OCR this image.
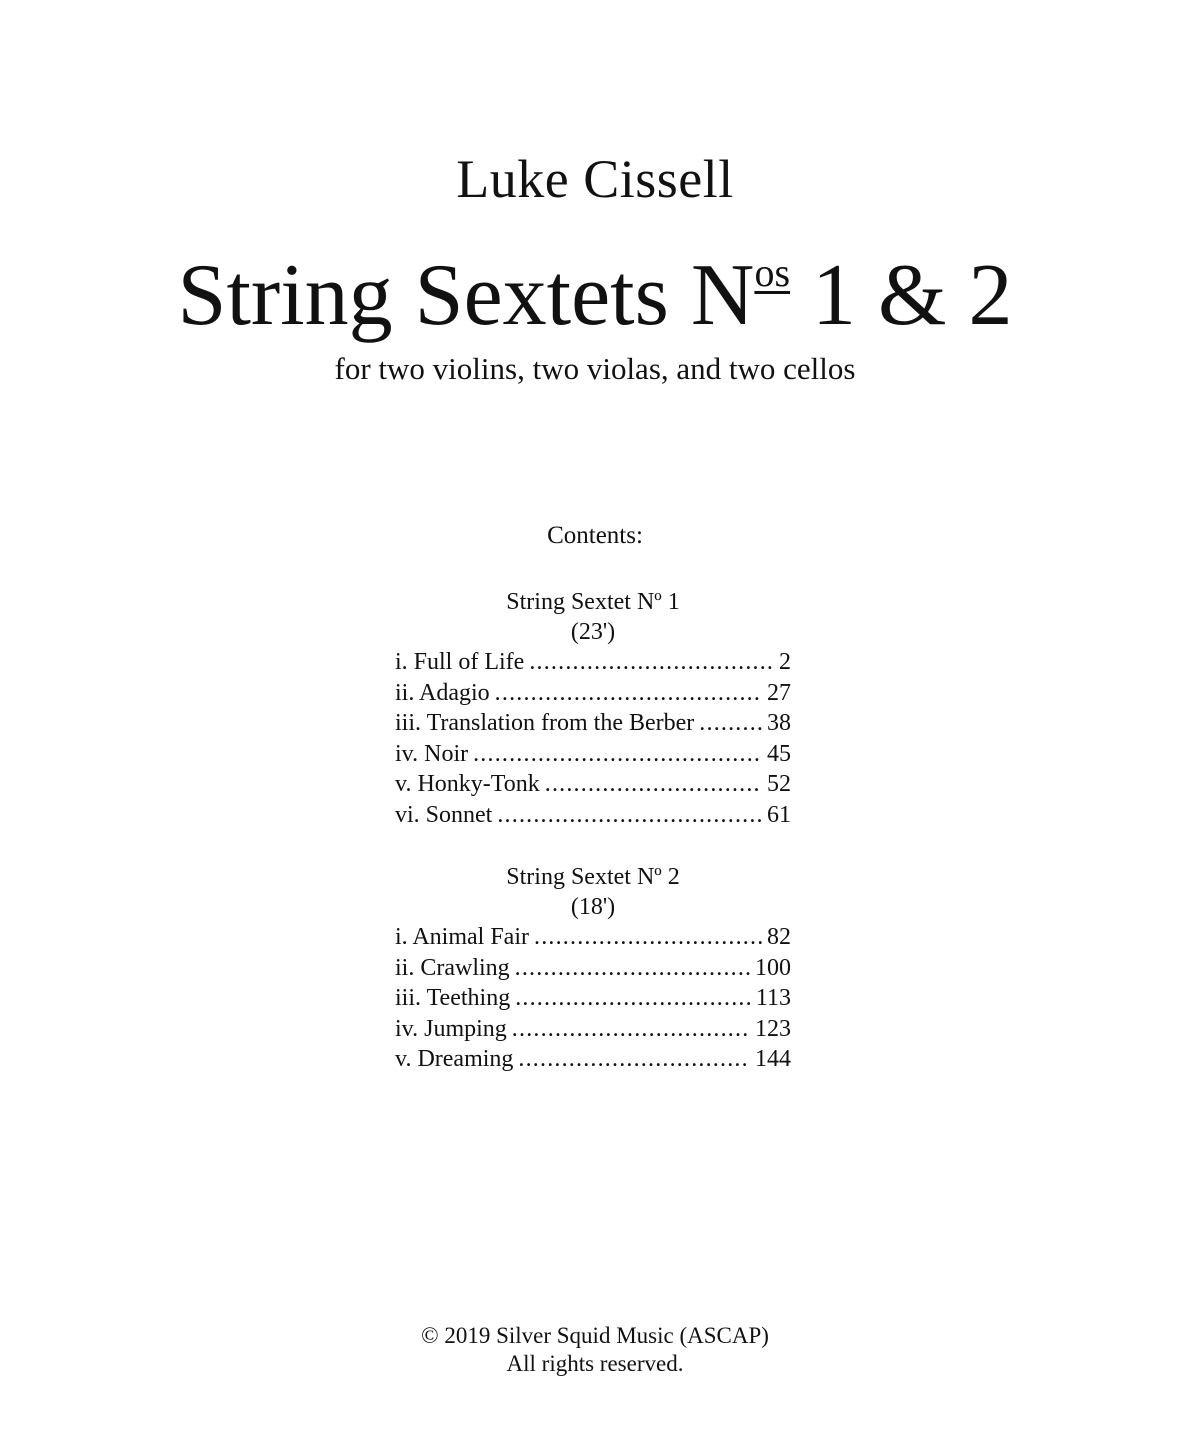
Luke Cissell
String Sextets Nos 1 & 2
for two violins, two violas, and two cellos
Contents:
String Sextet Nº 1
(23')
i. Full of Life .....	2
ii. Adagio .....	27
iii. Translation from the Berber .....	38
iv. Noir .....	45
v. Honky-Tonk .....	52
vi. Sonnet .....	61
String Sextet Nº 2
(18')
i. Animal Fair .....	82
ii. Crawling .....	100
iii. Teething .....	113
iv. Jumping .....	123
v. Dreaming .....	144
© 2019 Silver Squid Music (ASCAP)
All rights reserved.
